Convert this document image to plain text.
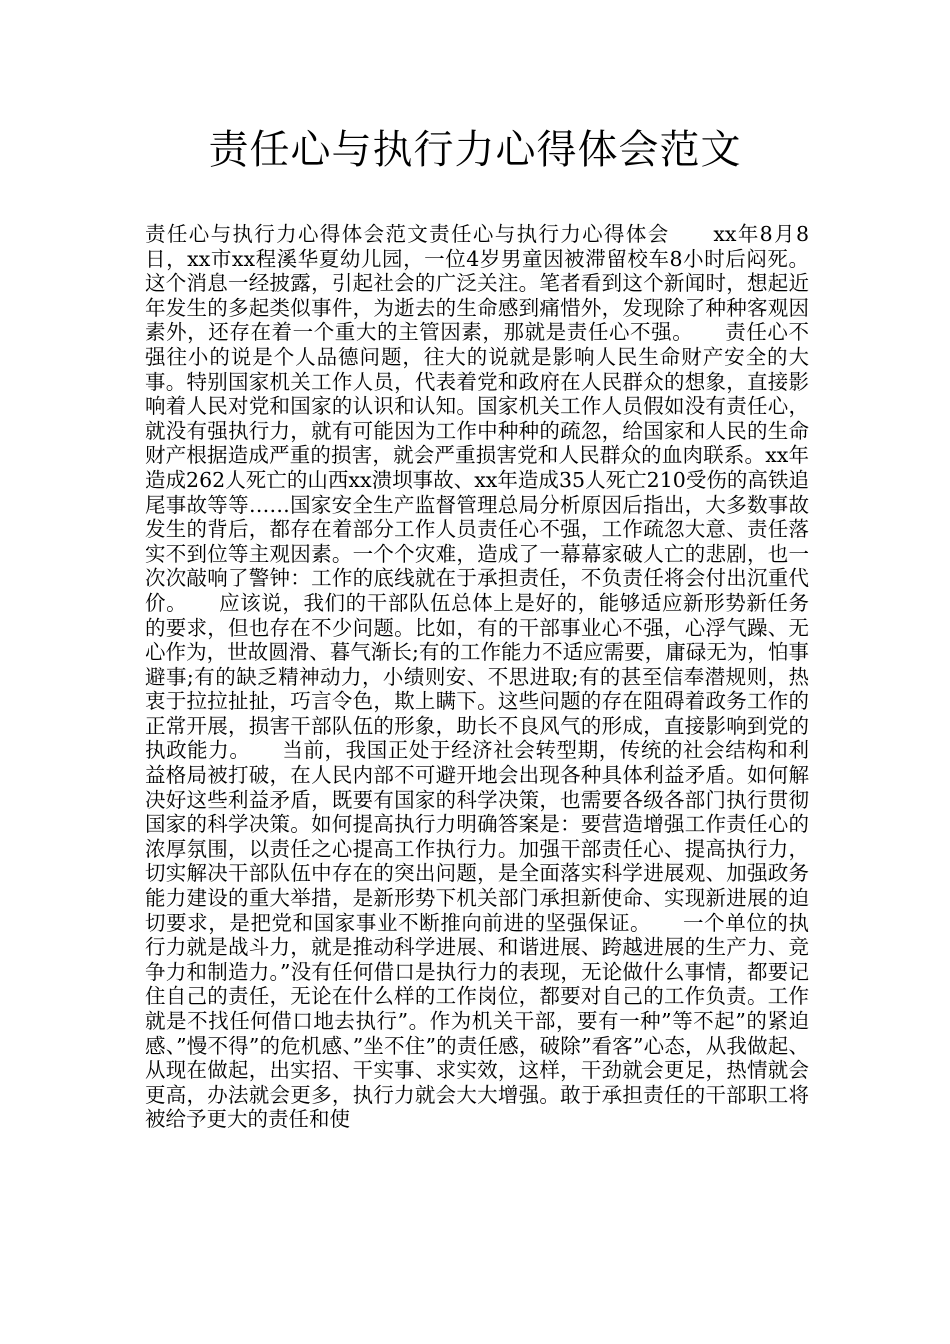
责任心与执行力心得体会范文

责任心与执行力心得体会范文责任心与执行力心得体会　　xx年8月8日，xx市xx程溪华夏幼儿园，一位4岁男童因被滞留校车8小时后闷死。这个消息一经披露，引起社会的广泛关注。笔者看到这个新闻时，想起近年发生的多起类似事件，为逝去的生命感到痛惜外，发现除了种种客观因素外，还存在着一个重大的主管因素，那就是责任心不强。　　责任心不强往小的说是个人品德问题，往大的说就是影响人民生命财产安全的大事。特别国家机关工作人员，代表着党和政府在人民群众的想象，直接影响着人民对党和国家的认识和认知。国家机关工作人员假如没有责任心，就没有强执行力，就有可能因为工作中种种的疏忽，给国家和人民的生命财产根据造成严重的损害，就会严重损害党和人民群众的血肉联系。xx年造成262人死亡的山西xx溃坝事故、xx年造成35人死亡210受伤的高铁追尾事故等等……国家安全生产监督管理总局分析原因后指出，大多数事故发生的背后，都存在着部分工作人员责任心不强，工作疏忽大意、责任落实不到位等主观因素。一个个灾难，造成了一幕幕家破人亡的悲剧，也一次次敲响了警钟：工作的底线就在于承担责任，不负责任将会付出沉重代价。　　应该说，我们的干部队伍总体上是好的，能够适应新形势新任务的要求，但也存在不少问题。比如，有的干部事业心不强，心浮气躁、无心作为，世故圆滑、暮气渐长;有的工作能力不适应需要，庸碌无为，怕事避事;有的缺乏精神动力，小绩则安、不思进取;有的甚至信奉潜规则，热衷于拉拉扯扯，巧言令色，欺上瞒下。这些问题的存在阻碍着政务工作的正常开展，损害干部队伍的形象，助长不良风气的形成，直接影响到党的执政能力。　　当前，我国正处于经济社会转型期，传统的社会结构和利益格局被打破，在人民内部不可避开地会出现各种具体利益矛盾。如何解决好这些利益矛盾，既要有国家的科学决策，也需要各级各部门执行贯彻国家的科学决策。如何提高执行力明确答案是：要营造增强工作责任心的浓厚氛围，以责任之心提高工作执行力。加强干部责任心、提高执行力，切实解决干部队伍中存在的突出问题，是全面落实科学进展观、加强政务能力建设的重大举措，是新形势下机关部门承担新使命、实现新进展的迫切要求，是把党和国家事业不断推向前进的坚强保证。　　一个单位的执行力就是战斗力，就是推动科学进展、和谐进展、跨越进展的生产力、竞争力和制造力。”没有任何借口是执行力的表现，无论做什么事情，都要记住自己的责任，无论在什么样的工作岗位，都要对自己的工作负责。工作就是不找任何借口地去执行”。作为机关干部，要有一种”等不起”的紧迫感、”慢不得”的危机感、”坐不住”的责任感，破除”看客”心态，从我做起、从现在做起，出实招、干实事、求实效，这样，干劲就会更足，热情就会更高，办法就会更多，执行力就会大大增强。敢于承担责任的干部职工将被给予更大的责任和使
